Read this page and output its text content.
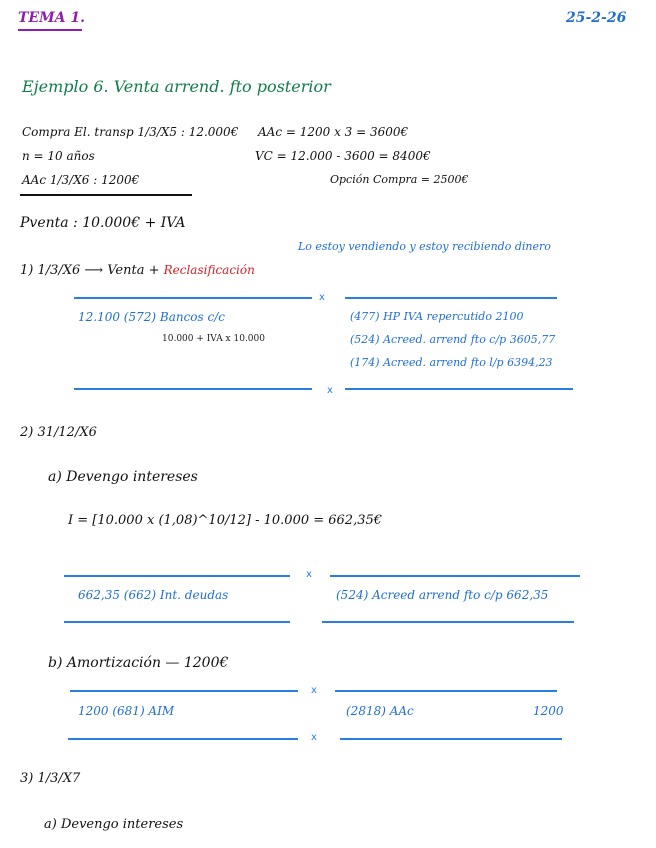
TEMA 1.	25-2-26
Ejemplo 6. Venta arrend. fto posterior
Compra El. transp 1/3/X5 : 12.000€
n = 10 años
AAc 1/3/X6 : 1200€
AAc = 1200 x 3 = 3600€
VC = 12.000 - 3600 = 8400€
Opción Compra = 2500€
Pventa : 10.000€ + IVA
Lo estoy vendiendo y estoy recibiendo dinero
1) 1/3/X6 ⟶ Venta + Reclasificación
x
12.100 (572) Bancos c/c
10.000 + IVA x 10.000
(477) HP IVA repercutido 2100
(524) Acreed. arrend fto c/p 3605,77
(174) Acreed. arrend fto l/p 6394,23
x
2) 31/12/X6
a) Devengo intereses
I = [10.000 x (1,08)^10/12] - 10.000 = 662,35€
x
662,35 (662) Int. deudas	(524) Acreed arrend fto c/p 662,35
b) Amortización — 1200€
x
1200 (681) AIM	(2818) AAc	1200
x
3) 1/3/X7
a) Devengo intereses
